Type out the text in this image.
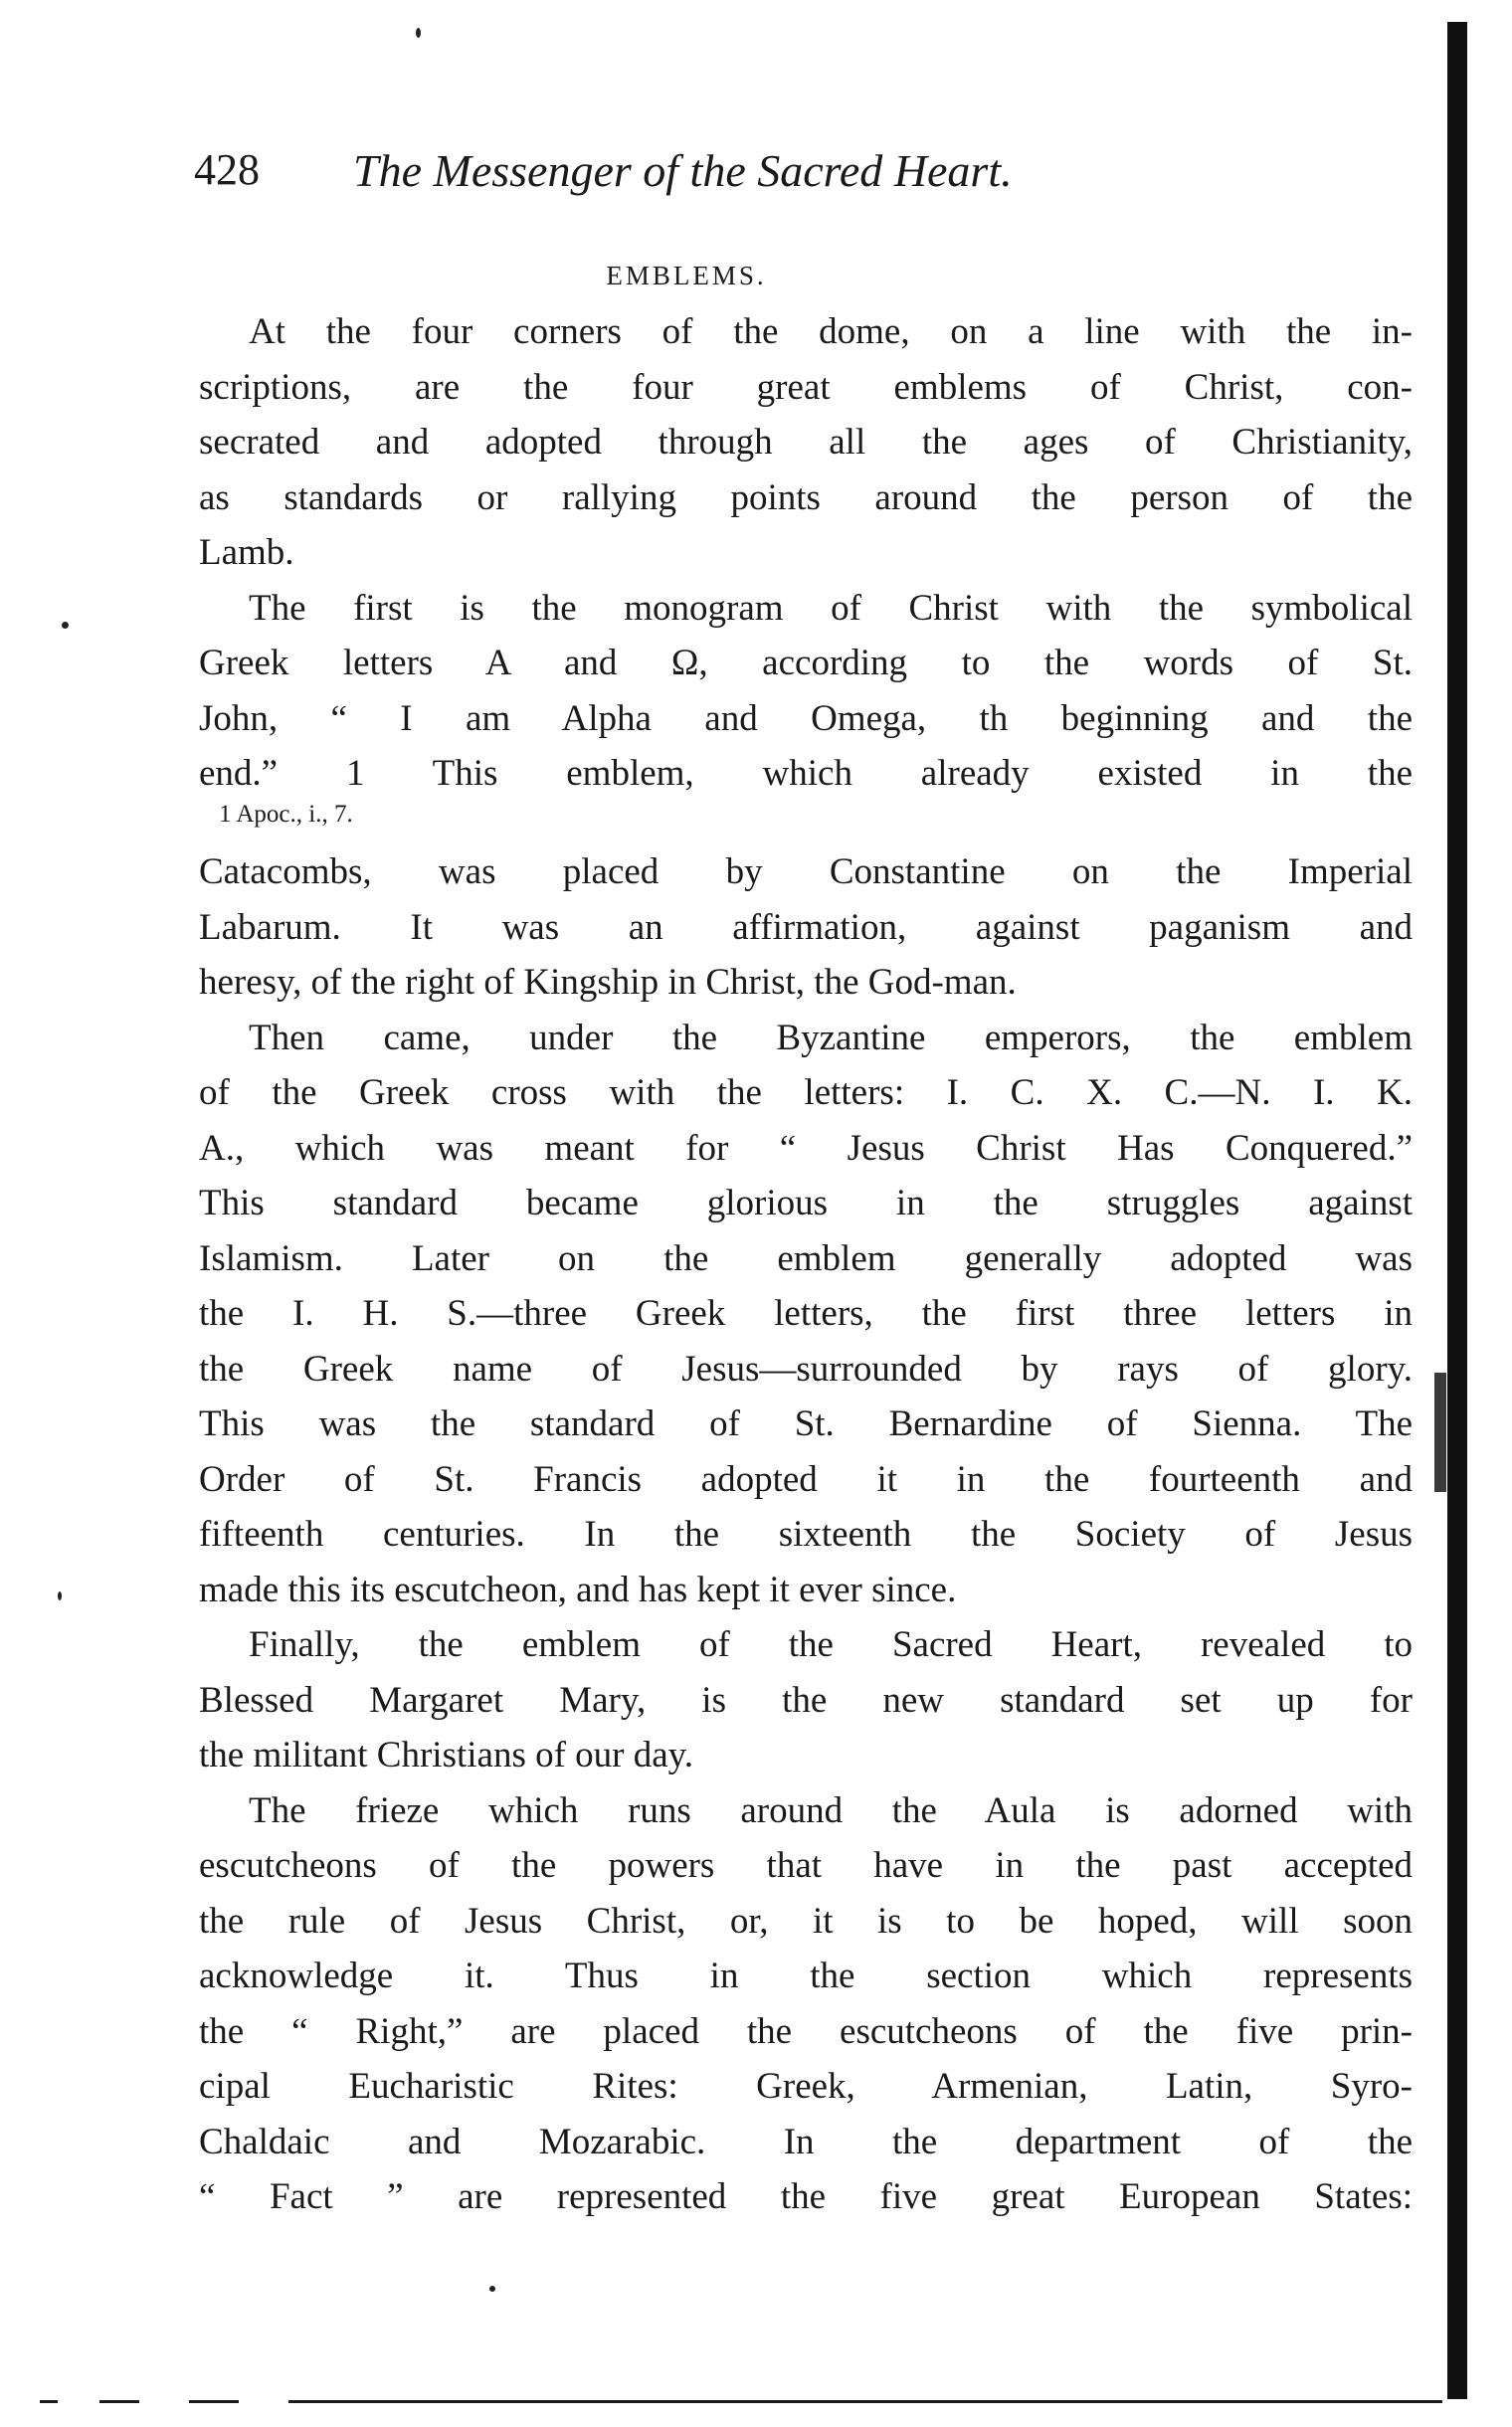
428 The Messenger of the Sacred Heart.
EMBLEMS.
At the four corners of the dome, on a line with the in-
scriptions, are the four great emblems of Christ, con-
secrated and adopted through all the ages of Christianity,
as standards or rallying points around the person of the
Lamb.
The first is the monogram of Christ with the symbolical
Greek letters A and Ω, according to the words of St.
John, “ I am Alpha and Omega, th beginning and the
end.” 1 This emblem, which already existed in the
1 Apoc., i., 7.
Catacombs, was placed by Constantine on the Imperial
Labarum. It was an affirmation, against paganism and
heresy, of the right of Kingship in Christ, the God-man.
Then came, under the Byzantine emperors, the emblem
of the Greek cross with the letters: I. C. X. C.—N. I. K.
A., which was meant for “ Jesus Christ Has Conquered.”
This standard became glorious in the struggles against
Islamism. Later on the emblem generally adopted was
the I. H. S.—three Greek letters, the first three letters in
the Greek name of Jesus—surrounded by rays of glory.
This was the standard of St. Bernardine of Sienna. The
Order of St. Francis adopted it in the fourteenth and
fifteenth centuries. In the sixteenth the Society of Jesus
made this its escutcheon, and has kept it ever since.
Finally, the emblem of the Sacred Heart, revealed to
Blessed Margaret Mary, is the new standard set up for
the militant Christians of our day.
The frieze which runs around the Aula is adorned with
escutcheons of the powers that have in the past accepted
the rule of Jesus Christ, or, it is to be hoped, will soon
acknowledge it. Thus in the section which represents
the “ Right,” are placed the escutcheons of the five prin-
cipal Eucharistic Rites: Greek, Armenian, Latin, Syro-
Chaldaic and Mozarabic. In the department of the
“ Fact ” are represented the five great European States:
